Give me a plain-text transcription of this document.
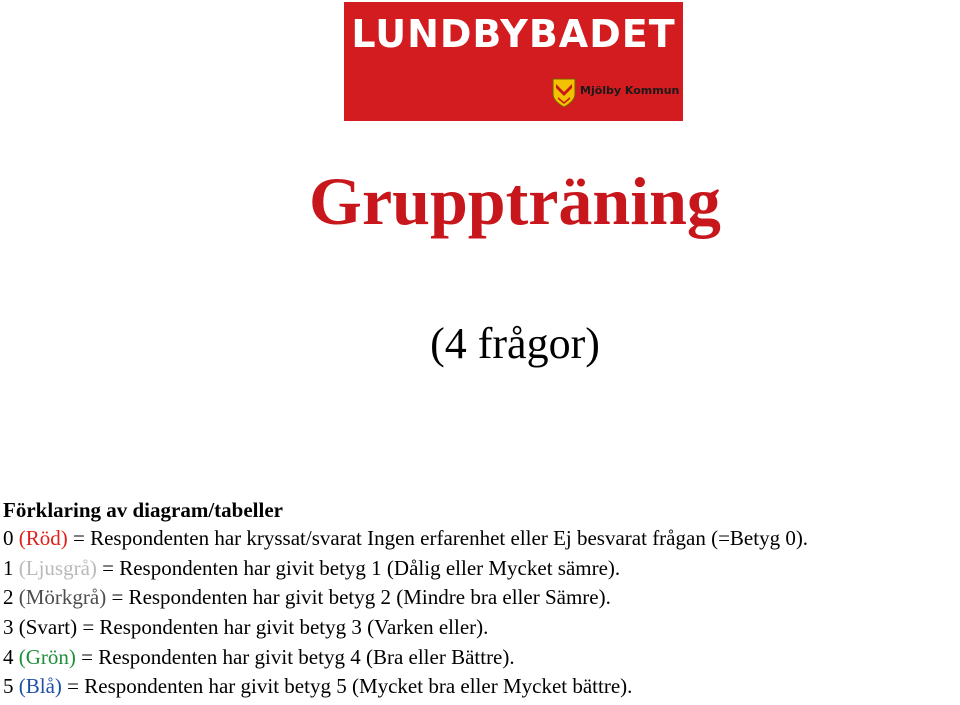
LUNDBYBADET
Mjölby Kommun
Gruppträning
(4 frågor)
Förklaring av diagram/tabeller
0 (Röd) = Respondenten har kryssat/svarat Ingen erfarenhet eller Ej besvarat frågan (=Betyg 0).
1 (Ljusgrå) = Respondenten har givit betyg 1 (Dålig eller Mycket sämre).
2 (Mörkgrå) = Respondenten har givit betyg 2 (Mindre bra eller Sämre).
3 (Svart) = Respondenten har givit betyg 3 (Varken eller).
4 (Grön) = Respondenten har givit betyg 4 (Bra eller Bättre).
5 (Blå) = Respondenten har givit betyg 5 (Mycket bra eller Mycket bättre).
